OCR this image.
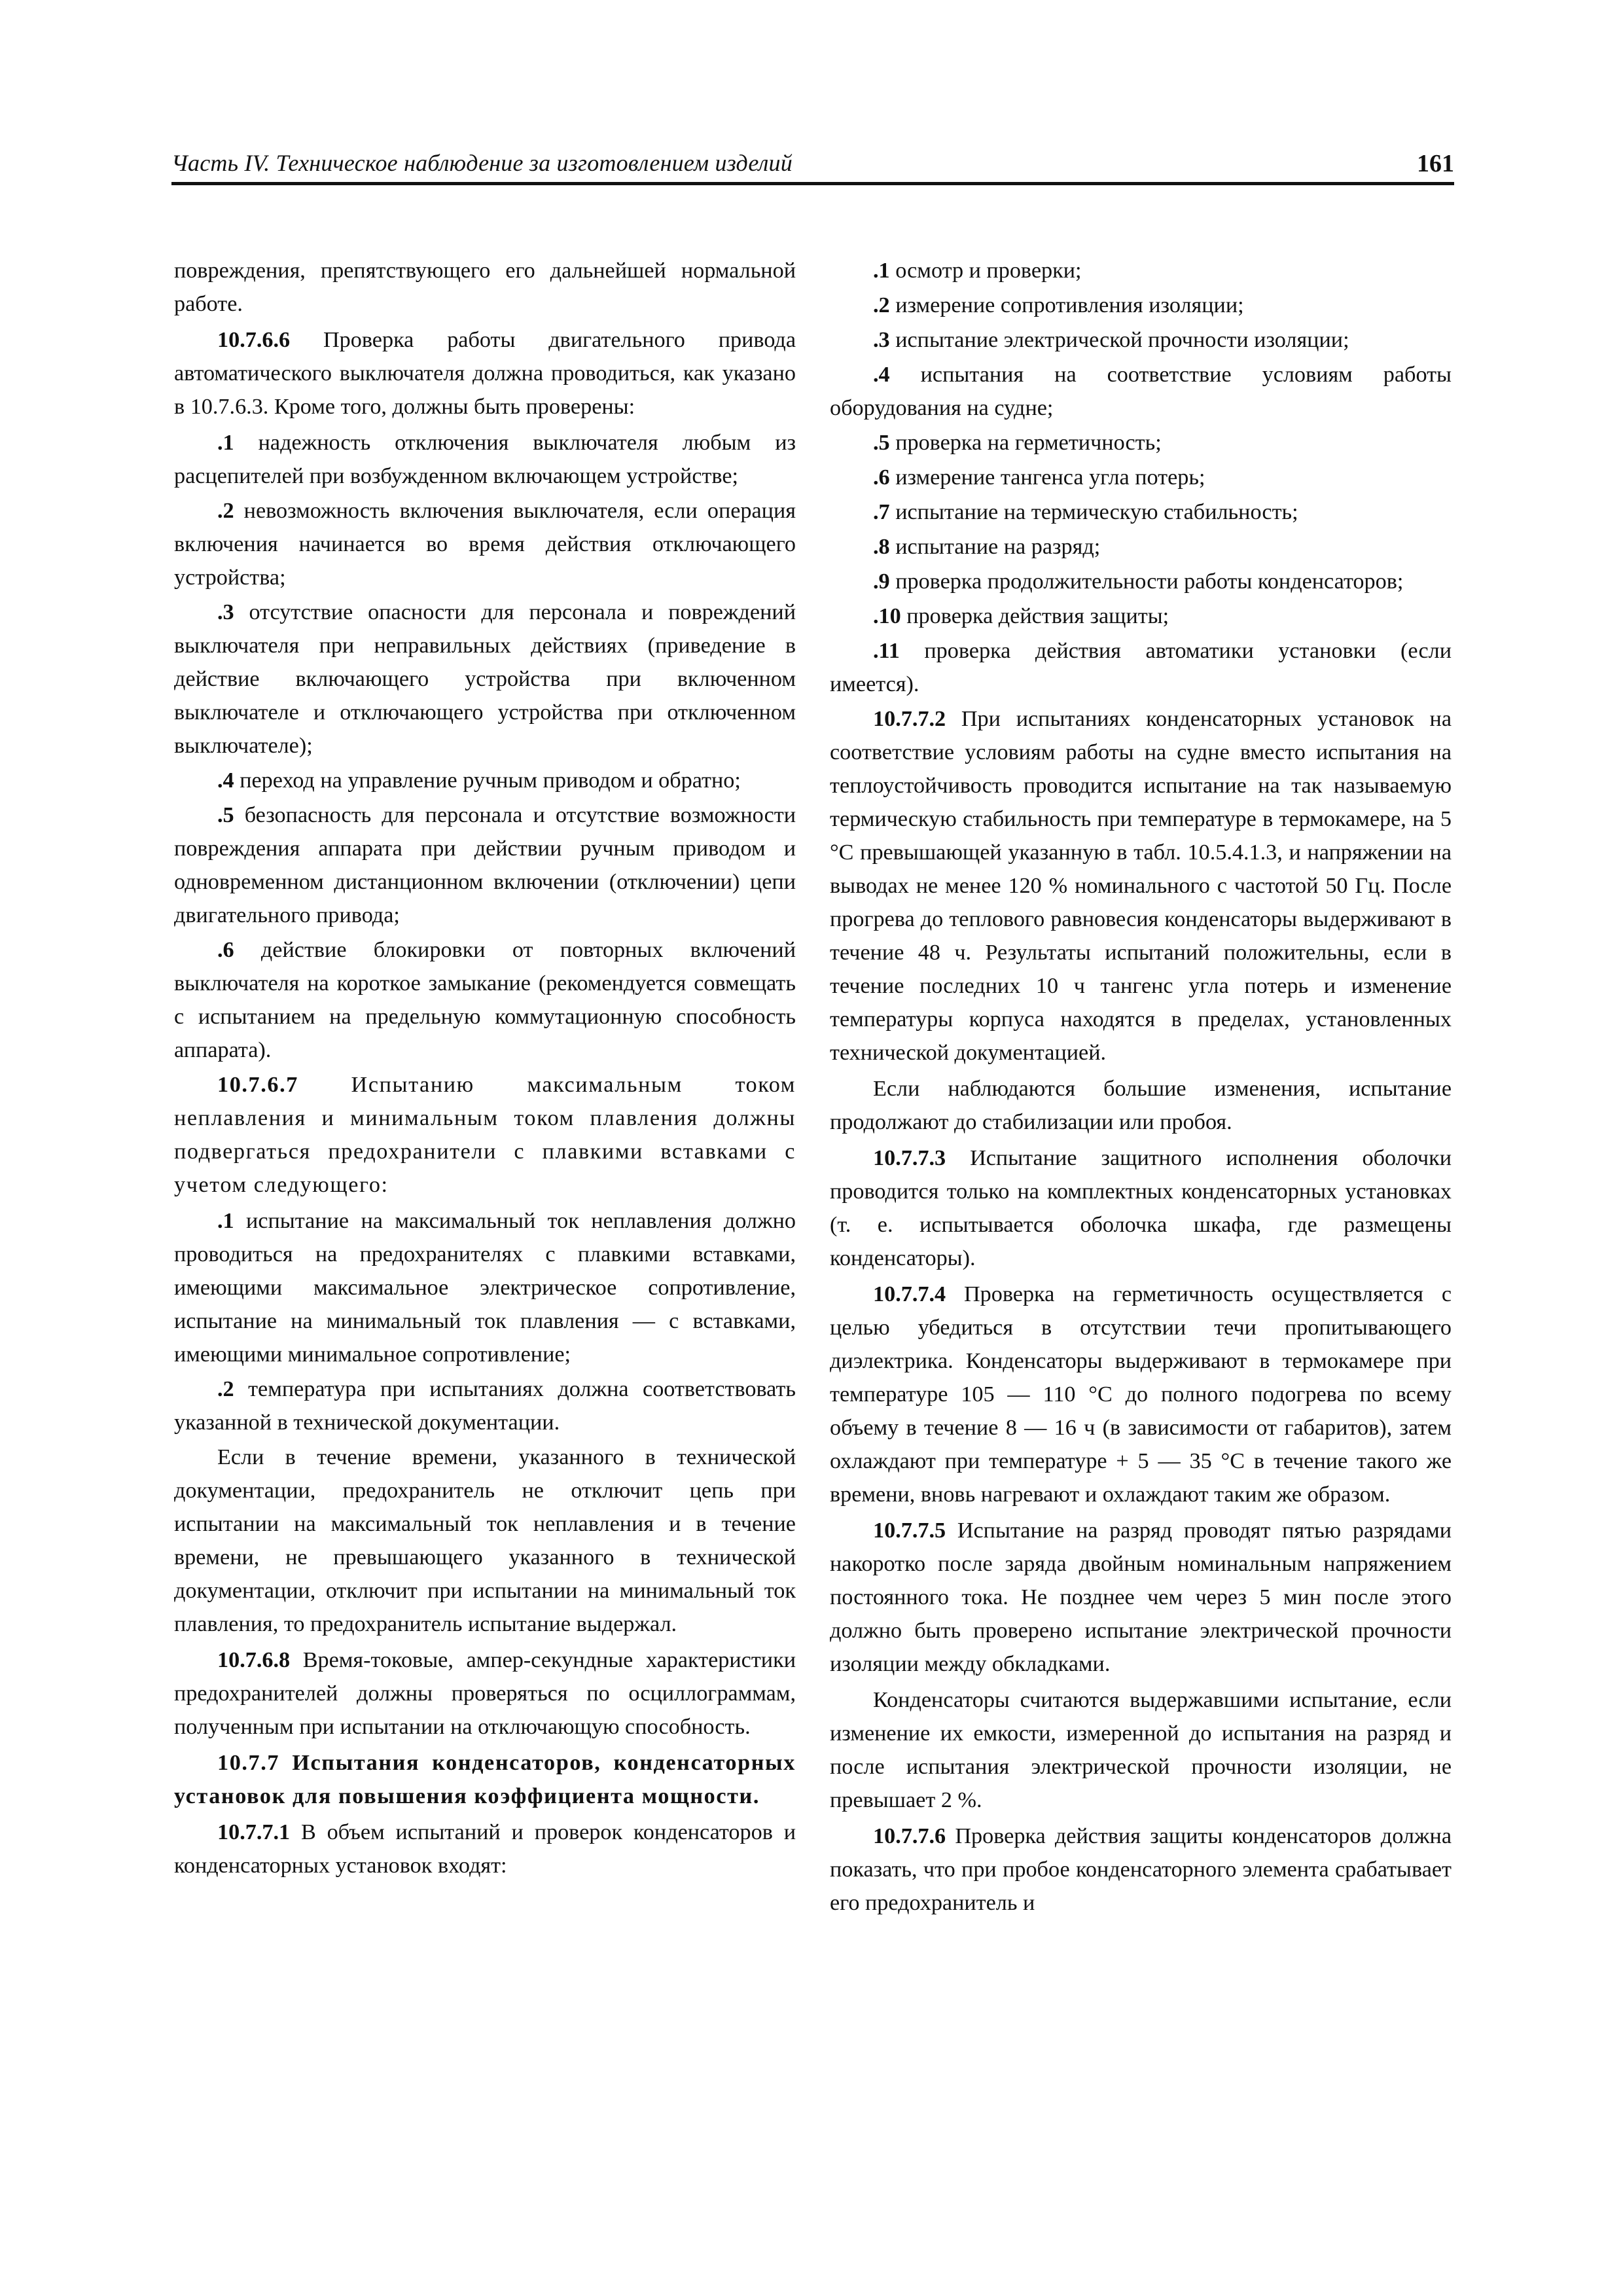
Часть IV. Техническое наблюдение за изготовлением изделий	161

повреждения, препятствующего его дальнейшей нормальной работе.

10.7.6.6 Проверка работы двигательного привода автоматического выключателя должна проводиться, как указано в 10.7.6.3. Кроме того, должны быть проверены:

.1 надежность отключения выключателя любым из расцепителей при возбужденном включающем устройстве;

.2 невозможность включения выключателя, если операция включения начинается во время действия отключающего устройства;

.3 отсутствие опасности для персонала и повреждений выключателя при неправильных действиях (приведение в действие включающего устройства при включенном выключателе и отключающего устройства при отключенном выключателе);

.4 переход на управление ручным приводом и обратно;

.5 безопасность для персонала и отсутствие возможности повреждения аппарата при действии ручным приводом и одновременном дистанционном включении (отключении) цепи двигательного привода;

.6 действие блокировки от повторных включений выключателя на короткое замыкание (рекомендуется совмещать с испытанием на предельную коммутационную способность аппарата).

10.7.6.7 Испытанию максимальным током неплавления и минимальным током плавления должны подвергаться предохранители с плавкими вставками с учетом следующего:

.1 испытание на максимальный ток неплавления должно проводиться на предохранителях с плавкими вставками, имеющими максимальное электрическое сопротивление, испытание на минимальный ток плавления — с вставками, имеющими минимальное сопротивление;

.2 температура при испытаниях должна соответствовать указанной в технической документации.

Если в течение времени, указанного в технической документации, предохранитель не отключит цепь при испытании на максимальный ток неплавления и в течение времени, не превышающего указанного в технической документации, отключит при испытании на минимальный ток плавления, то предохранитель испытание выдержал.

10.7.6.8 Время-токовые, ампер-секундные характеристики предохранителей должны проверяться по осциллограммам, полученным при испытании на отключающую способность.

10.7.7 Испытания конденсаторов, конденсаторных установок для повышения коэффициента мощности.

10.7.7.1 В объем испытаний и проверок конденсаторов и конденсаторных установок входят:

.1 осмотр и проверки;

.2 измерение сопротивления изоляции;

.3 испытание электрической прочности изоляции;

.4 испытания на соответствие условиям работы оборудования на судне;

.5 проверка на герметичность;

.6 измерение тангенса угла потерь;

.7 испытание на термическую стабильность;

.8 испытание на разряд;

.9 проверка продолжительности работы конденсаторов;

.10 проверка действия защиты;

.11 проверка действия автоматики установки (если имеется).

10.7.7.2 При испытаниях конденсаторных установок на соответствие условиям работы на судне вместо испытания на теплоустойчивость проводится испытание на так называемую термическую стабильность при температуре в термокамере, на 5 °С превышающей указанную в табл. 10.5.4.1.3, и напряжении на выводах не менее 120 % номинального с частотой 50 Гц. После прогрева до теплового равновесия конденсаторы выдерживают в течение 48 ч. Результаты испытаний положительны, если в течение последних 10 ч тангенс угла потерь и изменение температуры корпуса находятся в пределах, установленных технической документацией.

Если наблюдаются большие изменения, испытание продолжают до стабилизации или пробоя.

10.7.7.3 Испытание защитного исполнения оболочки проводится только на комплектных конденсаторных установках (т. е. испытывается оболочка шкафа, где размещены конденсаторы).

10.7.7.4 Проверка на герметичность осуществляется с целью убедиться в отсутствии течи пропитывающего диэлектрика. Конденсаторы выдерживают в термокамере при температуре 105 — 110 °С до полного подогрева по всему объему в течение 8 — 16 ч (в зависимости от габаритов), затем охлаждают при температуре + 5 — 35 °С в течение такого же времени, вновь нагревают и охлаждают таким же образом.

10.7.7.5 Испытание на разряд проводят пятью разрядами накоротко после заряда двойным номинальным напряжением постоянного тока. Не позднее чем через 5 мин после этого должно быть проверено испытание электрической прочности изоляции между обкладками.

Конденсаторы считаются выдержавшими испытание, если изменение их емкости, измеренной до испытания на разряд и после испытания электрической прочности изоляции, не превышает 2 %.

10.7.7.6 Проверка действия защиты конденсаторов должна показать, что при пробое конденсаторного элемента срабатывает его предохранитель и
